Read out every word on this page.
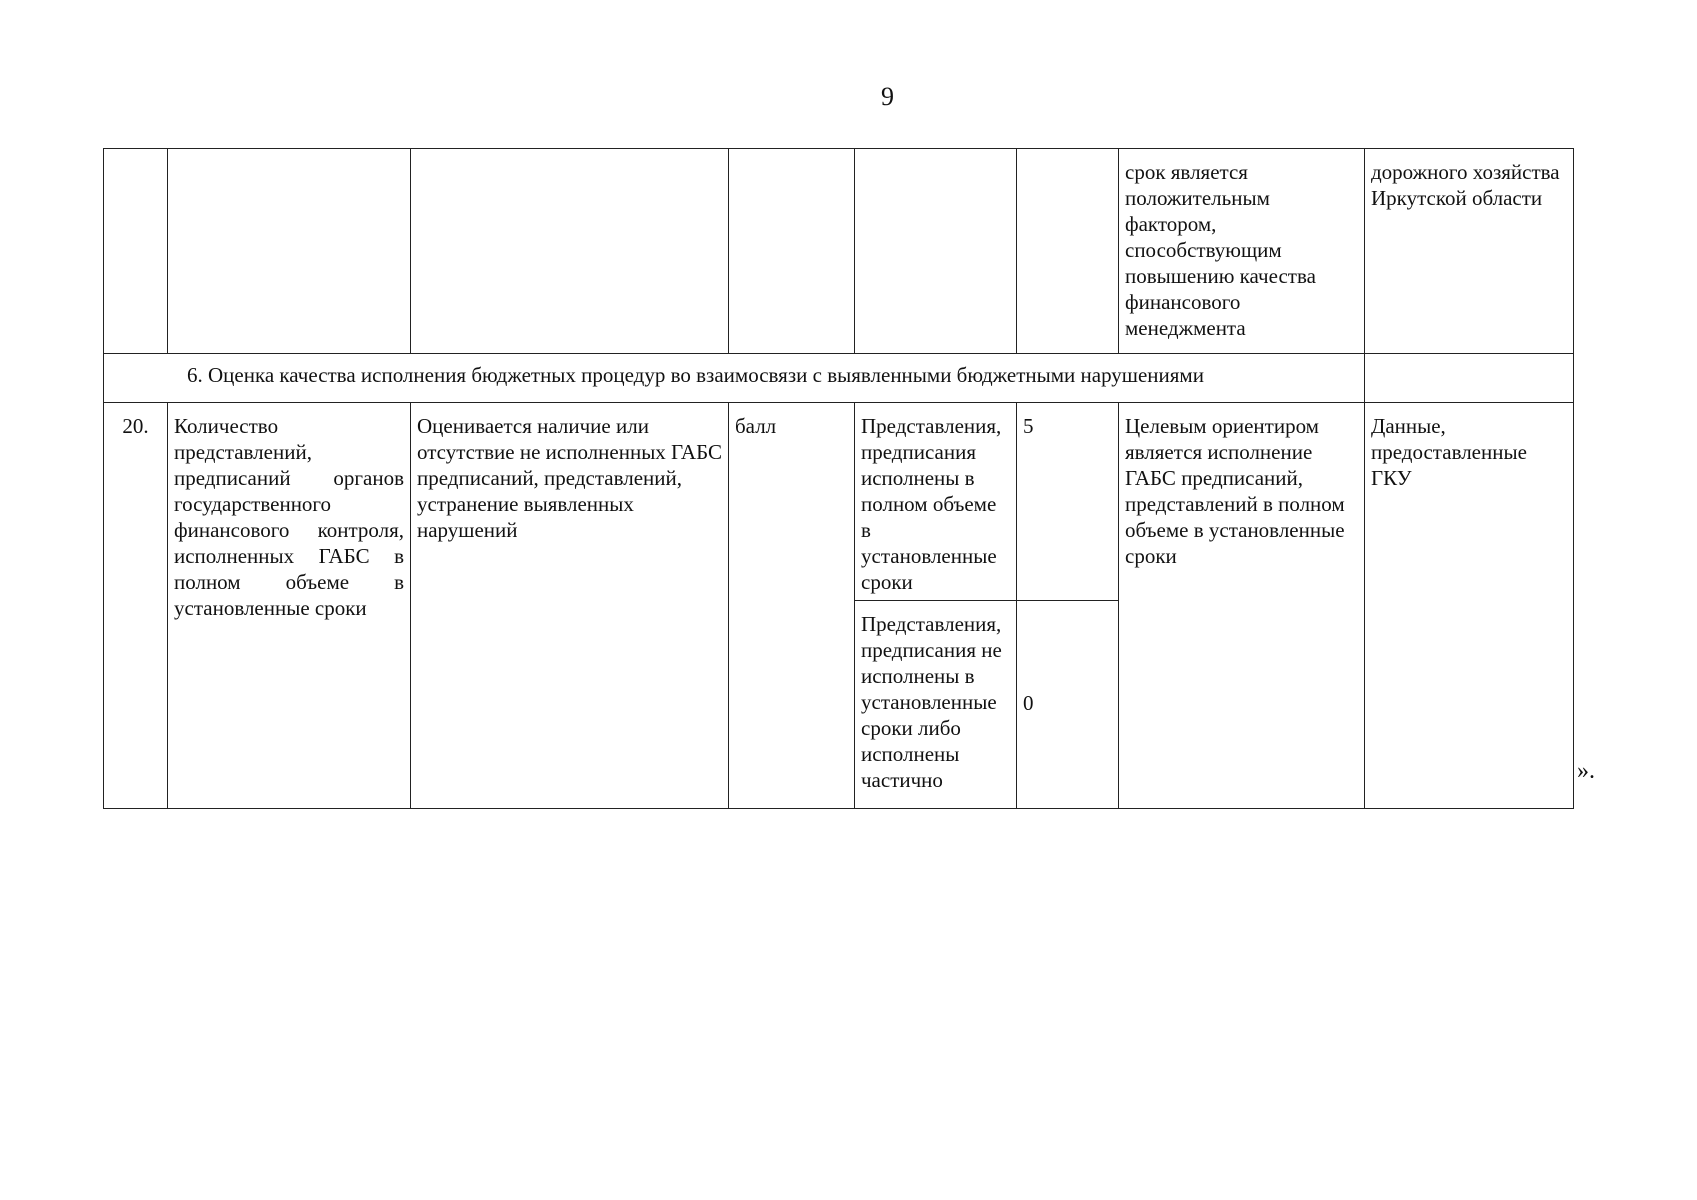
9
						срок является положительным фактором, способствующим повышению качества финансового менеджмента	дорожного хозяйства Иркутской области

6. Оценка качества исполнения бюджетных процедур во взаимосвязи с выявленными бюджетными нарушениями							

20.	Количество представлений, предписаний органов государственного финансового контроля, исполненных ГАБС в полном объеме в установленные сроки	Оценивается наличие или отсутствие не исполненных ГАБС предписаний, представлений, устранение выявленных нарушений	балл	Представления, предписания исполнены в полном объеме в установленные сроки	5	Целевым ориентиром является исполнение ГАБС предписаний, представлений в полном объеме в установленные сроки	Данные, предоставленные ГКУ
				Представления, предписания не исполнены в установленные сроки либо исполнены частично	0		
».
